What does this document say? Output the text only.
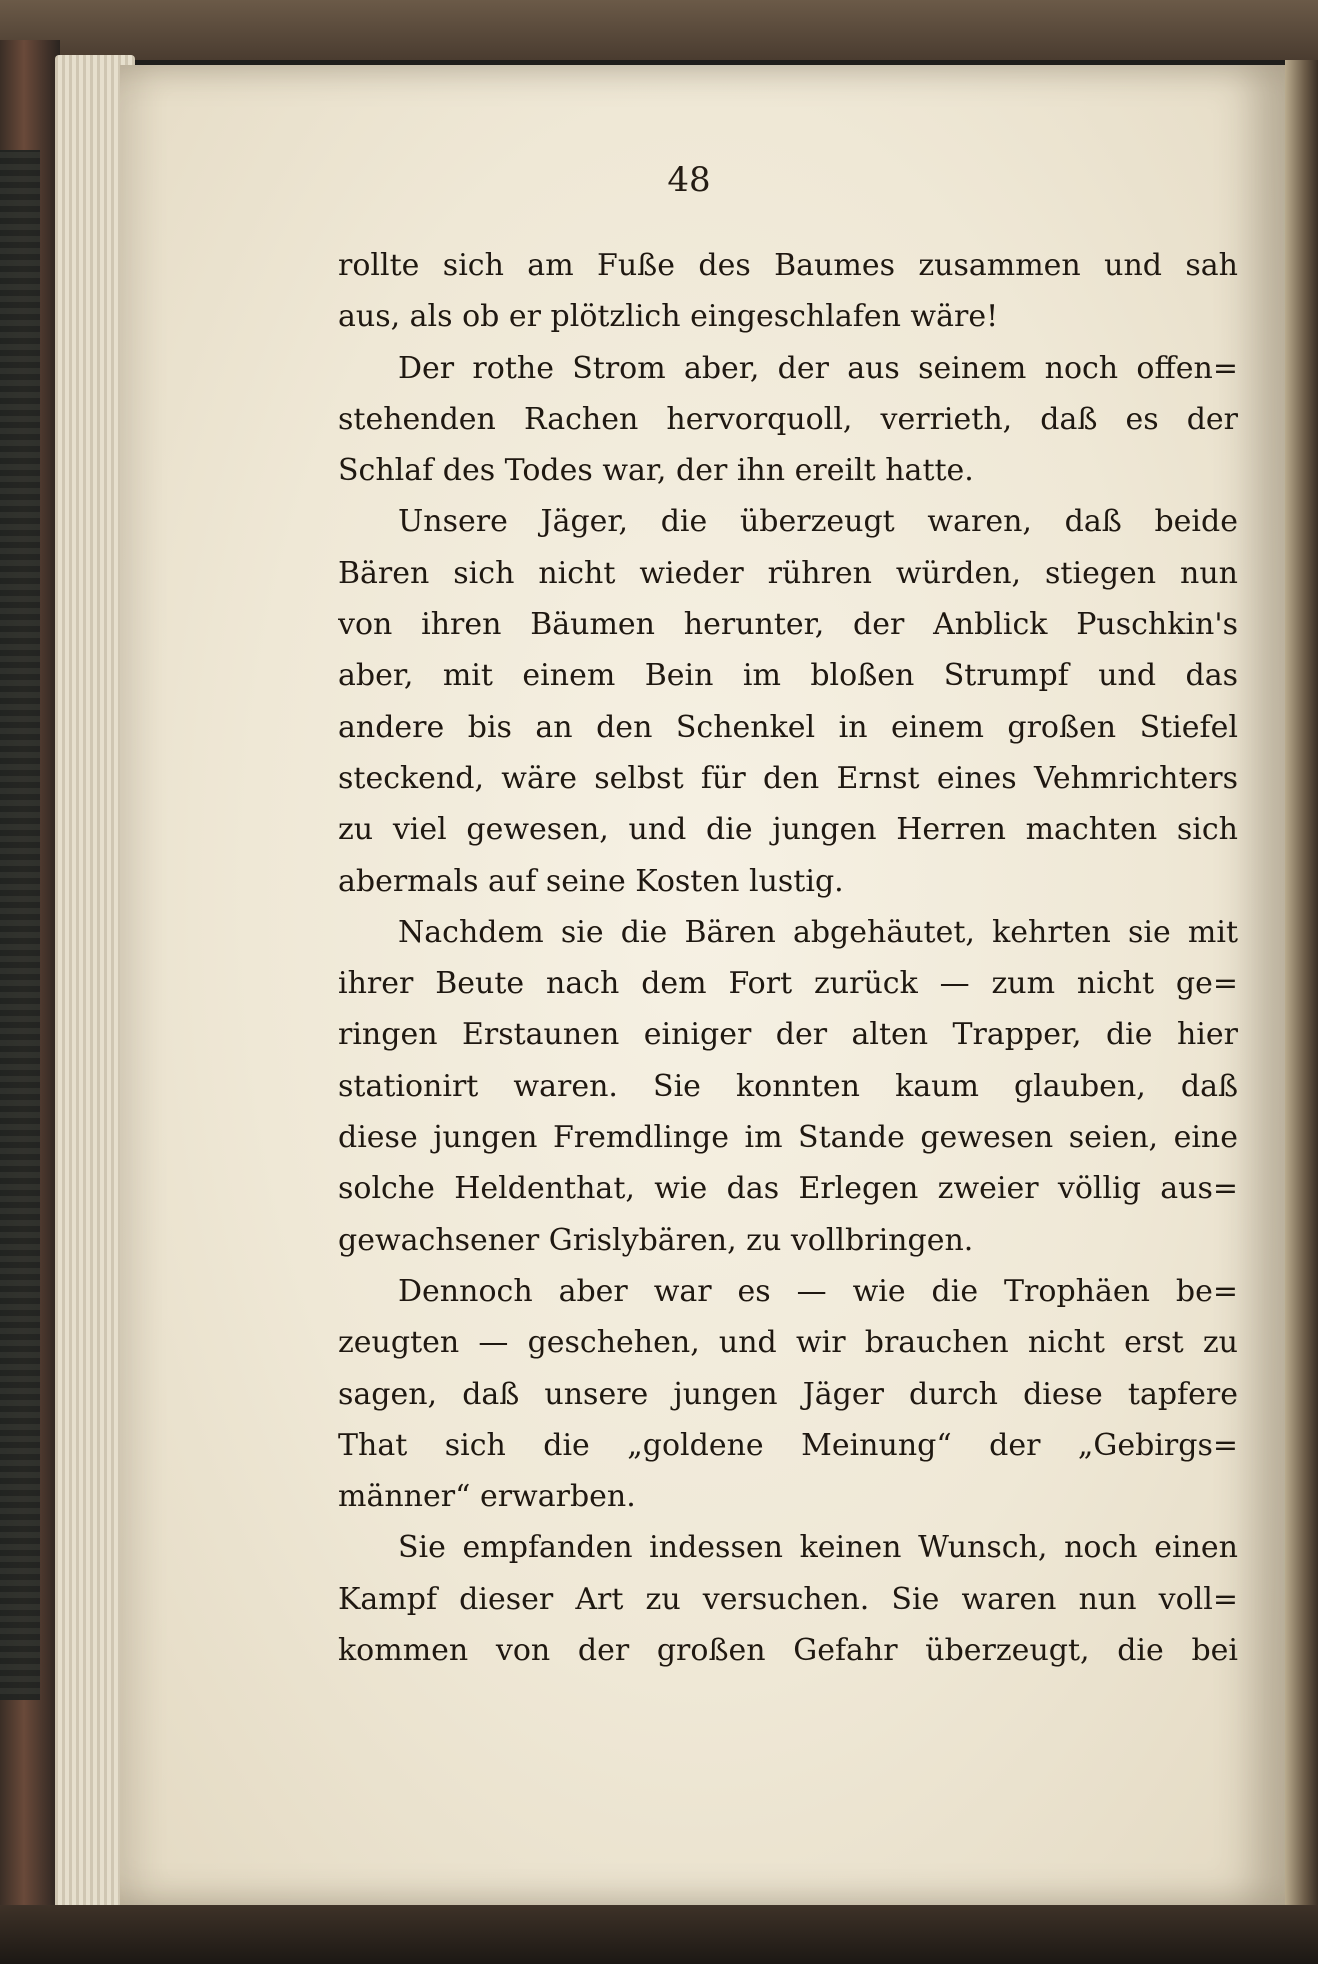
48
rollte sich am Fuße des Baumes zusammen und sah
aus, als ob er plötzlich eingeschlafen wäre!
Der rothe Strom aber, der aus seinem noch offen=
stehenden Rachen hervorquoll, verrieth, daß es der
Schlaf des Todes war, der ihn ereilt hatte.
Unsere Jäger, die überzeugt waren, daß beide
Bären sich nicht wieder rühren würden, stiegen nun
von ihren Bäumen herunter, der Anblick Puschkin's
aber, mit einem Bein im bloßen Strumpf und das
andere bis an den Schenkel in einem großen Stiefel
steckend, wäre selbst für den Ernst eines Vehmrichters
zu viel gewesen, und die jungen Herren machten sich
abermals auf seine Kosten lustig.
Nachdem sie die Bären abgehäutet, kehrten sie mit
ihrer Beute nach dem Fort zurück — zum nicht ge=
ringen Erstaunen einiger der alten Trapper, die hier
stationirt waren. Sie konnten kaum glauben, daß
diese jungen Fremdlinge im Stande gewesen seien, eine
solche Heldenthat, wie das Erlegen zweier völlig aus=
gewachsener Grislybären, zu vollbringen.
Dennoch aber war es — wie die Trophäen be=
zeugten — geschehen, und wir brauchen nicht erst zu
sagen, daß unsere jungen Jäger durch diese tapfere
That sich die „goldene Meinung“ der „Gebirgs=
männer“ erwarben.
Sie empfanden indessen keinen Wunsch, noch einen
Kampf dieser Art zu versuchen. Sie waren nun voll=
kommen von der großen Gefahr überzeugt, die bei
